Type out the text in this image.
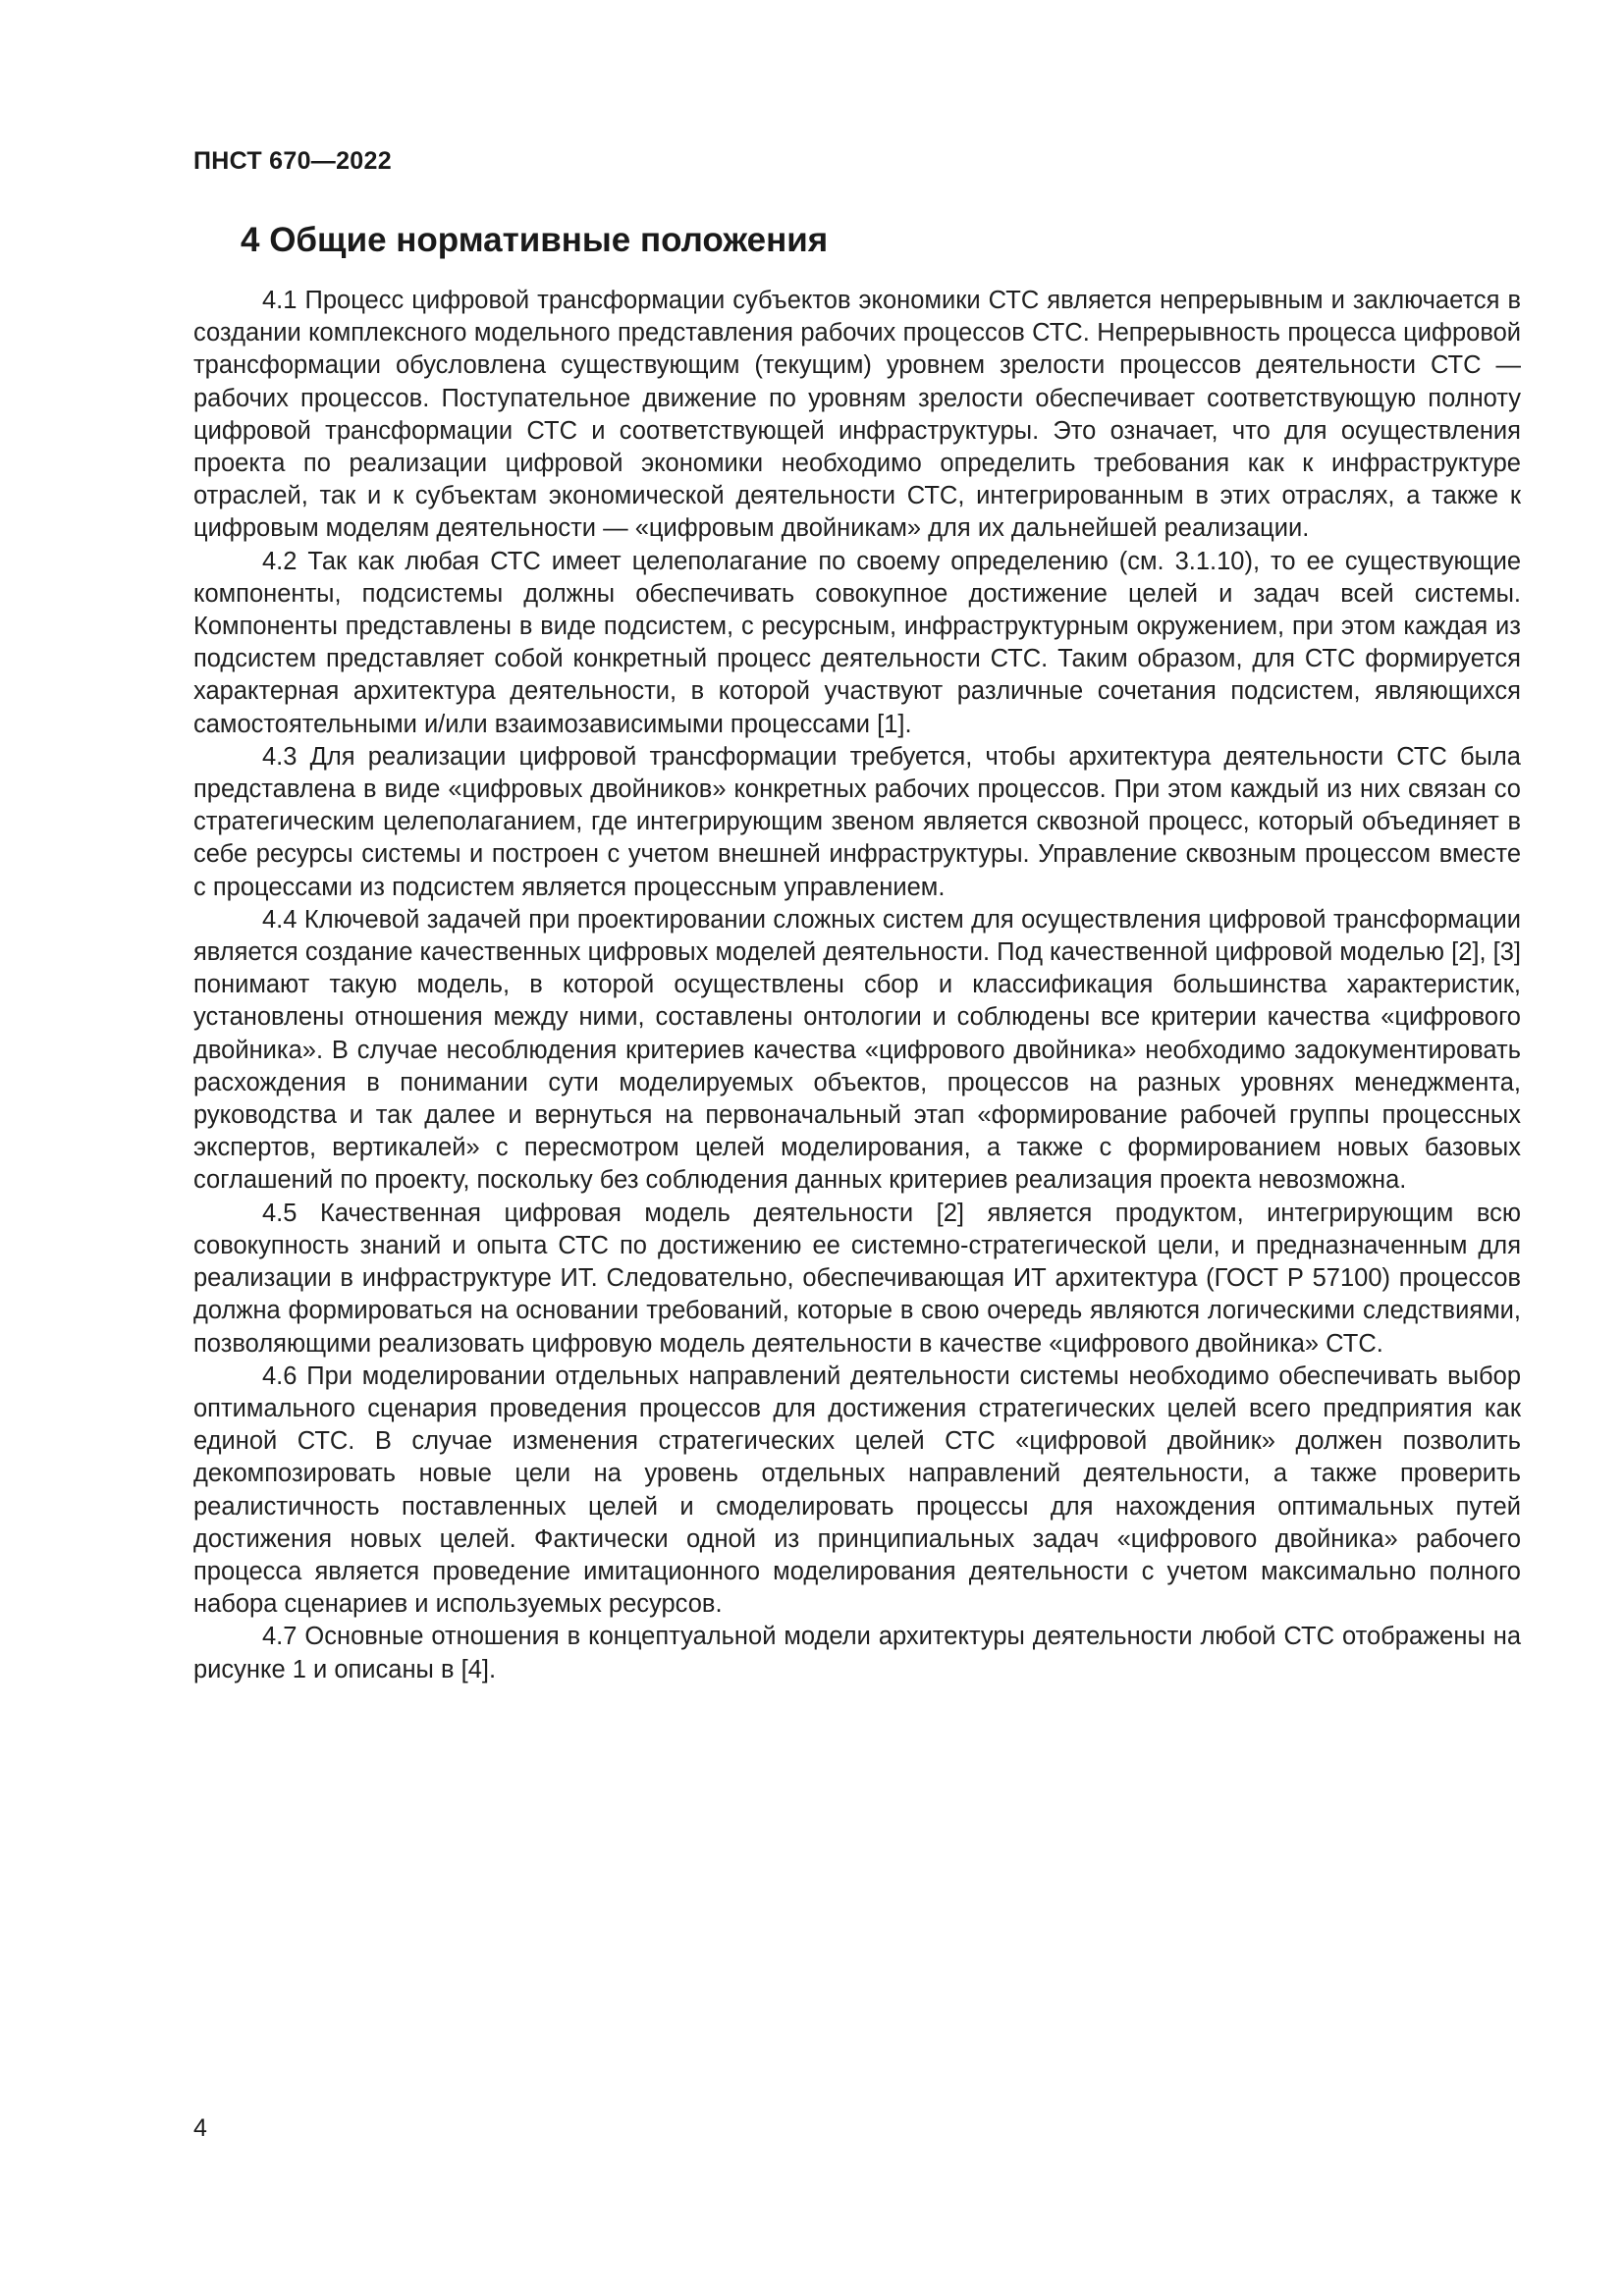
ПНСТ 670—2022
4 Общие нормативные положения

4.1 Процесс цифровой трансформации субъектов экономики СТС является непрерывным и заключается в создании комплексного модельного представления рабочих процессов СТС. Непрерывность процесса цифровой трансформации обусловлена существующим (текущим) уровнем зрелости процессов деятельности СТС — рабочих процессов. Поступательное движение по уровням зрелости обеспечивает соответствующую полноту цифровой трансформации СТС и соответствующей инфраструктуры. Это означает, что для осуществления проекта по реализации цифровой экономики необходимо определить требования как к инфраструктуре отраслей, так и к субъектам экономической деятельности СТС, интегрированным в этих отраслях, а также к цифровым моделям деятельности — «цифровым двойникам» для их дальнейшей реализации.

4.2 Так как любая СТС имеет целеполагание по своему определению (см. 3.1.10), то ее существующие компоненты, подсистемы должны обеспечивать совокупное достижение целей и задач всей системы. Компоненты представлены в виде подсистем, с ресурсным, инфраструктурным окружением, при этом каждая из подсистем представляет собой конкретный процесс деятельности СТС. Таким образом, для СТС формируется характерная архитектура деятельности, в которой участвуют различные сочетания подсистем, являющихся самостоятельными и/или взаимозависимыми процессами [1].

4.3 Для реализации цифровой трансформации требуется, чтобы архитектура деятельности СТС была представлена в виде «цифровых двойников» конкретных рабочих процессов. При этом каждый из них связан со стратегическим целеполаганием, где интегрирующим звеном является сквозной процесс, который объединяет в себе ресурсы системы и построен с учетом внешней инфраструктуры. Управление сквозным процессом вместе с процессами из подсистем является процессным управлением.

4.4 Ключевой задачей при проектировании сложных систем для осуществления цифровой трансформации является создание качественных цифровых моделей деятельности. Под качественной цифровой моделью [2], [3] понимают такую модель, в которой осуществлены сбор и классификация большинства характеристик, установлены отношения между ними, составлены онтологии и соблюдены все критерии качества «цифрового двойника». В случае несоблюдения критериев качества «цифрового двойника» необходимо задокументировать расхождения в понимании сути моделируемых объектов, процессов на разных уровнях менеджмента, руководства и так далее и вернуться на первоначальный этап «формирование рабочей группы процессных экспертов, вертикалей» с пересмотром целей моделирования, а также с формированием новых базовых соглашений по проекту, поскольку без соблюдения данных критериев реализация проекта невозможна.

4.5 Качественная цифровая модель деятельности [2] является продуктом, интегрирующим всю совокупность знаний и опыта СТС по достижению ее системно-стратегической цели, и предназначенным для реализации в инфраструктуре ИТ. Следовательно, обеспечивающая ИТ архитектура (ГОСТ Р 57100) процессов должна формироваться на основании требований, которые в свою очередь являются логическими следствиями, позволяющими реализовать цифровую модель деятельности в качестве «цифрового двойника» СТС.

4.6 При моделировании отдельных направлений деятельности системы необходимо обеспечивать выбор оптимального сценария проведения процессов для достижения стратегических целей всего предприятия как единой СТС. В случае изменения стратегических целей СТС «цифровой двойник» должен позволить декомпозировать новые цели на уровень отдельных направлений деятельности, а также проверить реалистичность поставленных целей и смоделировать процессы для нахождения оптимальных путей достижения новых целей. Фактически одной из принципиальных задач «цифрового двойника» рабочего процесса является проведение имитационного моделирования деятельности с учетом максимально полного набора сценариев и используемых ресурсов.

4.7 Основные отношения в концептуальной модели архитектуры деятельности любой СТС отображены на рисунке 1 и описаны в [4].

4
